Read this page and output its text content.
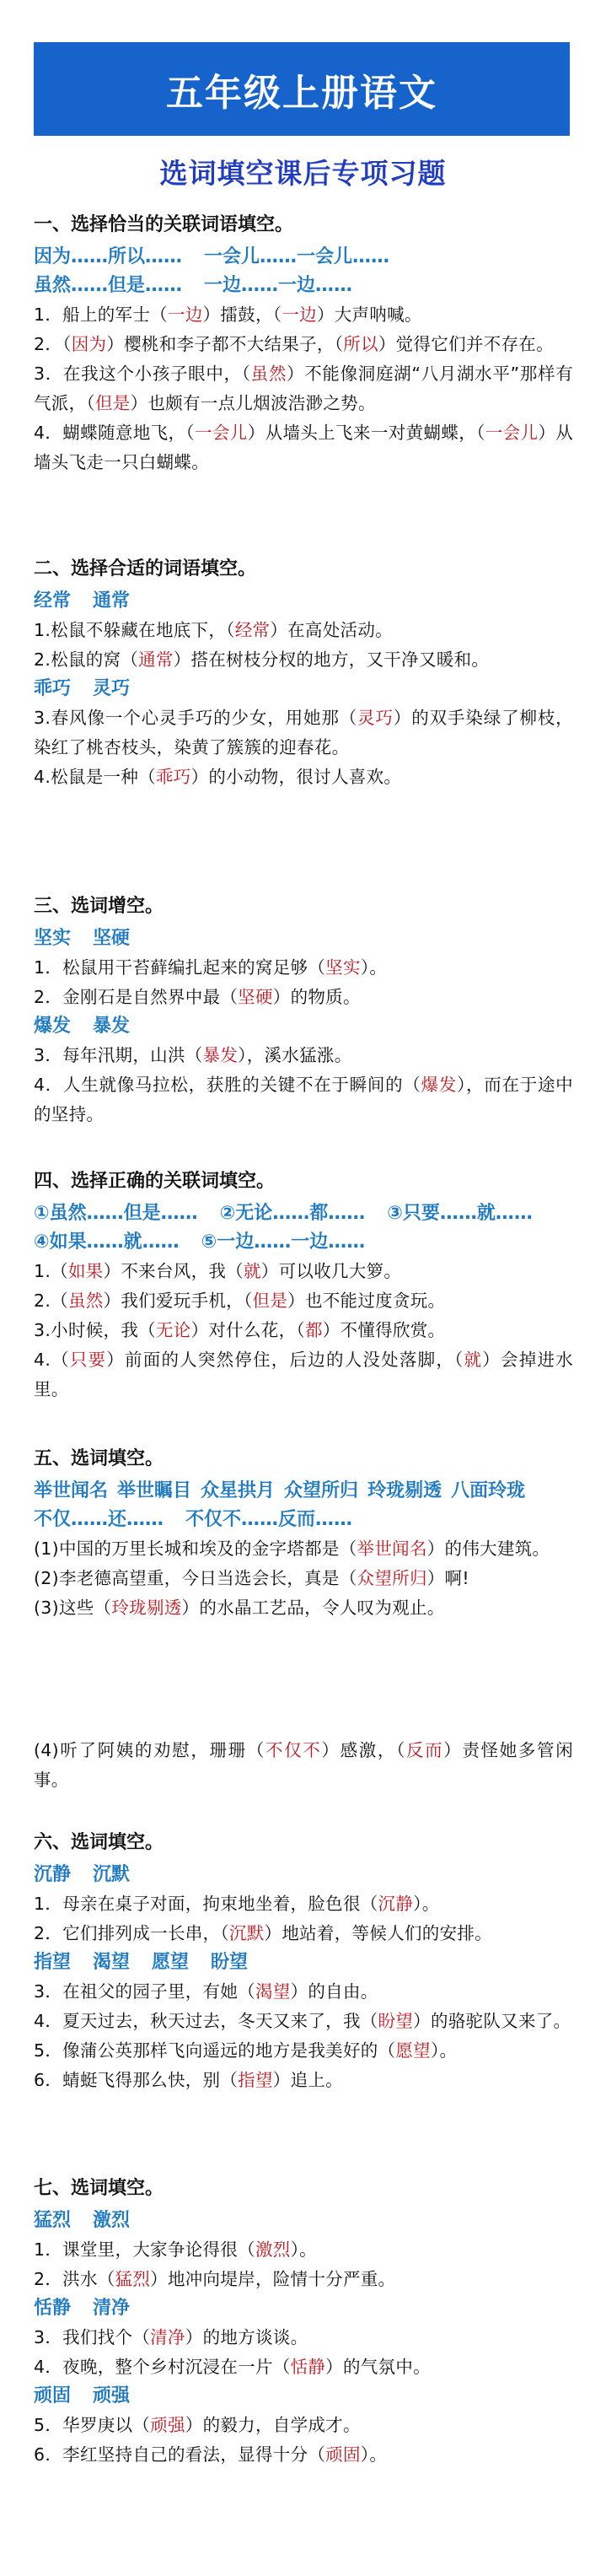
五年级上册语文
选词填空课后专项习题
一、选择恰当的关联词语填空。
因为……所以…… 一会儿……一会儿……
虽然……但是…… 一边……一边……
1．船上的军士（一边）擂鼓，（一边）大声呐喊。
2．（因为）樱桃和李子都不大结果子，（所以）觉得它们并不存在。
3．在我这个小孩子眼中，（虽然）不能像洞庭湖“八月湖水平”那样有气派，（但是）也颇有一点儿烟波浩渺之势。
4．蝴蝶随意地飞，（一会儿）从墙头上飞来一对黄蝴蝶，（一会儿）从墙头飞走一只白蝴蝶。
二、选择合适的词语填空。
经常 通常
1.松鼠不躲藏在地底下，（经常）在高处活动。
2.松鼠的窝（通常）搭在树枝分杈的地方，又干净又暖和。
乖巧 灵巧
3.春风像一个心灵手巧的少女，用她那（灵巧）的双手染绿了柳枝，染红了桃杏枝头，染黄了簇簇的迎春花。
4.松鼠是一种（乖巧）的小动物，很讨人喜欢。
三、选词增空。
坚实 坚硬
1．松鼠用干苔藓编扎起来的窝足够（坚实）。
2．金刚石是自然界中最（坚硬）的物质。
爆发 暴发
3．每年汛期，山洪（暴发），溪水猛涨。
4．人生就像马拉松，获胜的关键不在于瞬间的（爆发），而在于途中的坚持。
四、选择正确的关联词填空。
①虽然……但是…… ②无论……都…… ③只要……就……
④如果……就…… ⑤一边……一边……
1.（如果）不来台风，我（就）可以收几大箩。
2.（虽然）我们爱玩手机，（但是）也不能过度贪玩。
3.小时候，我（无论）对什么花，（都）不懂得欣赏。
4.（只要）前面的人突然停住，后边的人没处落脚，（就）会掉进水里。
五、选词填空。
举世闻名 举世瞩目 众星拱月 众望所归 玲珑剔透 八面玲珑
不仅……还…… 不仅不……反而……
(1)中国的万里长城和埃及的金字塔都是（举世闻名）的伟大建筑。
(2)李老德高望重，今日当选会长，真是（众望所归）啊!
(3)这些（玲珑剔透）的水晶工艺品，令人叹为观止。
(4)听了阿姨的劝慰，珊珊（不仅不）感激，（反而）责怪她多管闲事。
六、选词填空。
沉静 沉默
1．母亲在桌子对面，拘束地坐着，脸色很（沉静）。
2．它们排列成一长串，（沉默）地站着，等候人们的安排。
指望 渴望 愿望 盼望
3．在祖父的园子里，有她（渴望）的自由。
4．夏天过去，秋天过去，冬天又来了，我（盼望）的骆驼队又来了。
5．像蒲公英那样飞向遥远的地方是我美好的（愿望）。
6．蜻蜓飞得那么快，别（指望）追上。
七、选词填空。
猛烈 激烈
1．课堂里，大家争论得很（激烈）。
2．洪水（猛烈）地冲向堤岸，险情十分严重。
恬静 清净
3．我们找个（清净）的地方谈谈。
4．夜晚，整个乡村沉浸在一片（恬静）的气氛中。
顽固 顽强
5．华罗庚以（顽强）的毅力，自学成才。
6．李红坚持自己的看法，显得十分（顽固）。
